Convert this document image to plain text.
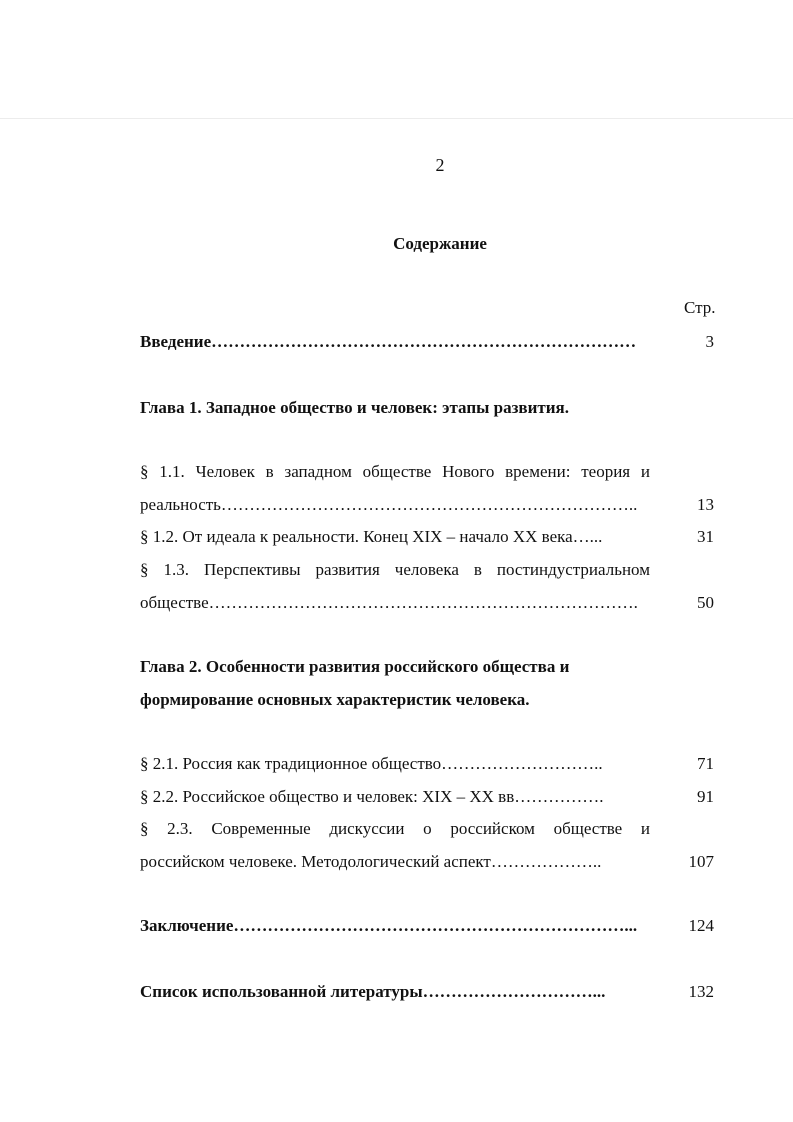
2
Содержание
Стр.
Введение…………………………………………………………………	3
Глава 1. Западное общество и человек: этапы развития.
§ 1.1. Человек в западном обществе Нового времени: теория и
реальность………………………………………………………………..	13
§ 1.2. От идеала к реальности. Конец XIX – начало XX века…...	31
§ 1.3. Перспективы развития человека в постиндустриальном
обществе………………………………………………………………….	50
Глава 2. Особенности развития российского общества и
формирование основных характеристик человека.
§ 2.1. Россия как традиционное общество………………………..	71
§ 2.2. Российское общество и человек: XIX – XX вв…………….	91
§ 2.3. Современные дискуссии о российском обществе и
российском человеке. Методологический аспект………………..	107
Заключение……………………………………………………………...	124
Список использованной литературы…………………………...	132
